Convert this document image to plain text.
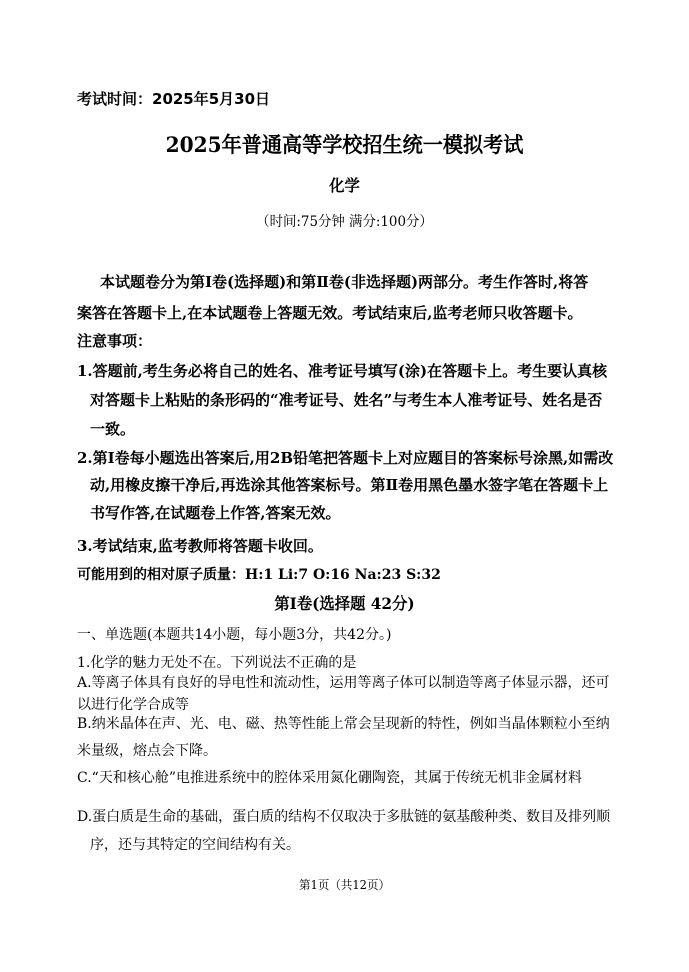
考试时间：2025年5月30日
2025年普通高等学校招生统一模拟考试
化学
（时间:75分钟 满分:100分）
本试题卷分为第Ⅰ卷(选择题)和第Ⅱ卷(非选择题)两部分。考生作答时,将答
案答在答题卡上,在本试题卷上答题无效。考试结束后,监考老师只收答题卡。
注意事项：
1.答题前,考生务必将自己的姓名、准考证号填写(涂)在答题卡上。考生要认真核
对答题卡上粘贴的条形码的“准考证号、姓名”与考生本人准考证号、姓名是否
一致。
2.第Ⅰ卷每小题选出答案后,用2B铅笔把答题卡上对应题目的答案标号涂黑,如需改
动,用橡皮擦干净后,再选涂其他答案标号。第Ⅱ卷用黑色墨水签字笔在答题卡上
书写作答,在试题卷上作答,答案无效。
3.考试结束,监考教师将答题卡收回。
可能用到的相对原子质量：H:1 Li:7 O:16 Na:23 S:32
第Ⅰ卷(选择题 42分)
一、单选题(本题共14小题，每小题3分，共42分。)
1.化学的魅力无处不在。下列说法不正确的是
A.等离子体具有良好的导电性和流动性，运用等离子体可以制造等离子体显示器，还可
以进行化学合成等
B.纳米晶体在声、光、电、磁、热等性能上常会呈现新的特性，例如当晶体颗粒小至纳
米量级，熔点会下降。
C.“天和核心舱”电推进系统中的腔体采用氮化硼陶瓷，其属于传统无机非金属材料
D.蛋白质是生命的基础，蛋白质的结构不仅取决于多肽链的氨基酸种类、数目及排列顺
序，还与其特定的空间结构有关。
第1页（共12页）
